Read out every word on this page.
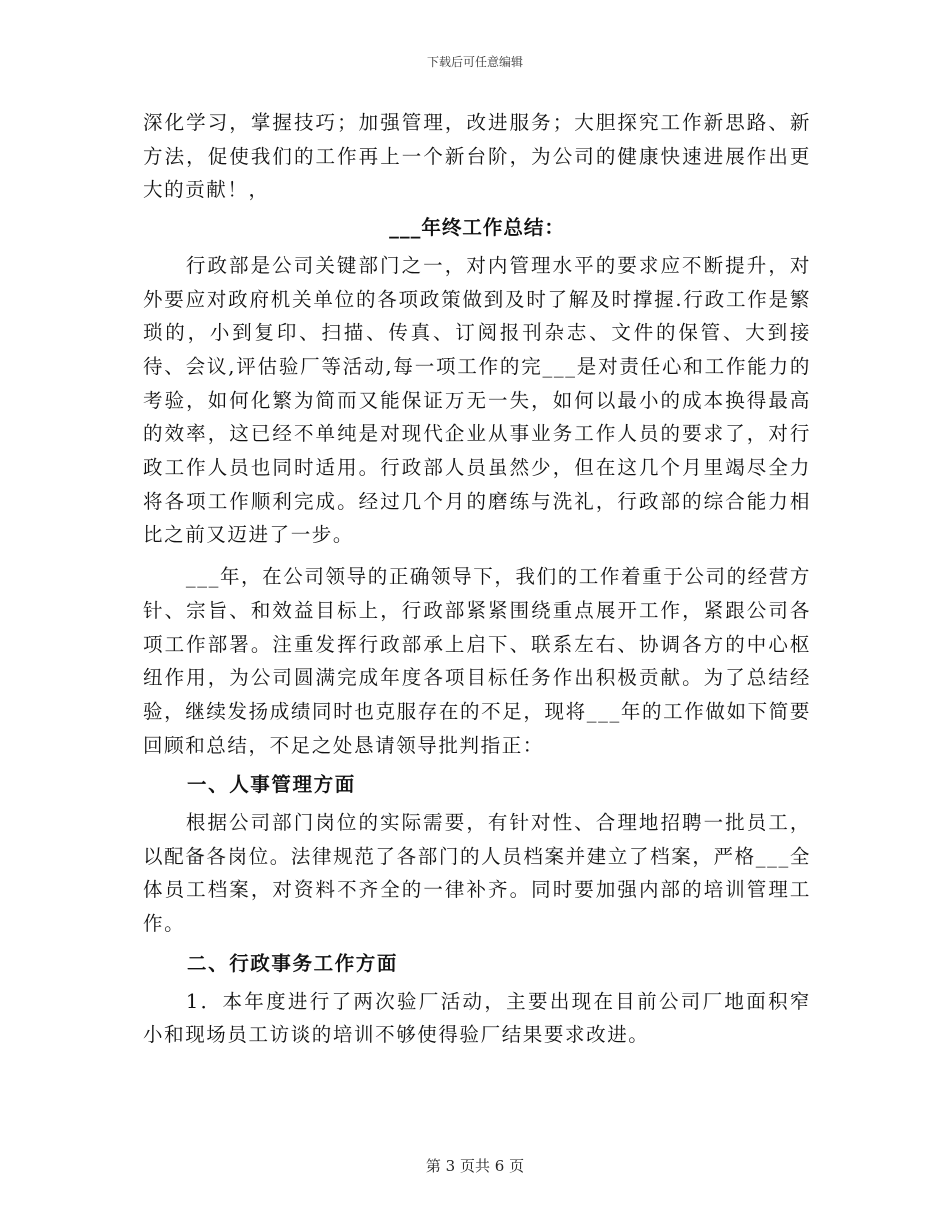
下载后可任意编辑

深化学习，掌握技巧；加强管理，改进服务；大胆探究工作新思路、新方法，促使我们的工作再上一个新台阶，为公司的健康快速进展作出更大的贡献！，

___年终工作总结：

行政部是公司关键部门之一，对内管理水平的要求应不断提升，对外要应对政府机关单位的各项政策做到及时了解及时撑握.行政工作是繁琐的，小到复印、扫描、传真、订阅报刊杂志、文件的保管、大到接待、会议,评估验厂等活动,每一项工作的完___是对责任心和工作能力的考验，如何化繁为简而又能保证万无一失，如何以最小的成本换得最高的效率，这已经不单纯是对现代企业从事业务工作人员的要求了，对行政工作人员也同时适用。行政部人员虽然少，但在这几个月里竭尽全力将各项工作顺利完成。经过几个月的磨练与洗礼，行政部的综合能力相比之前又迈进了一步。

___年，在公司领导的正确领导下，我们的工作着重于公司的经营方针、宗旨、和效益目标上，行政部紧紧围绕重点展开工作，紧跟公司各项工作部署。注重发挥行政部承上启下、联系左右、协调各方的中心枢纽作用，为公司圆满完成年度各项目标任务作出积极贡献。为了总结经验，继续发扬成绩同时也克服存在的不足，现将___年的工作做如下简要回顾和总结，不足之处恳请领导批判指正：

一、人事管理方面

根据公司部门岗位的实际需要，有针对性、合理地招聘一批员工，以配备各岗位。法律规范了各部门的人员档案并建立了档案，严格___全体员工档案，对资料不齐全的一律补齐。同时要加强内部的培训管理工作。

二、行政事务工作方面

1．本年度进行了两次验厂活动，主要出现在目前公司厂地面积窄小和现场员工访谈的培训不够使得验厂结果要求改进。

第 3 页共 6 页
